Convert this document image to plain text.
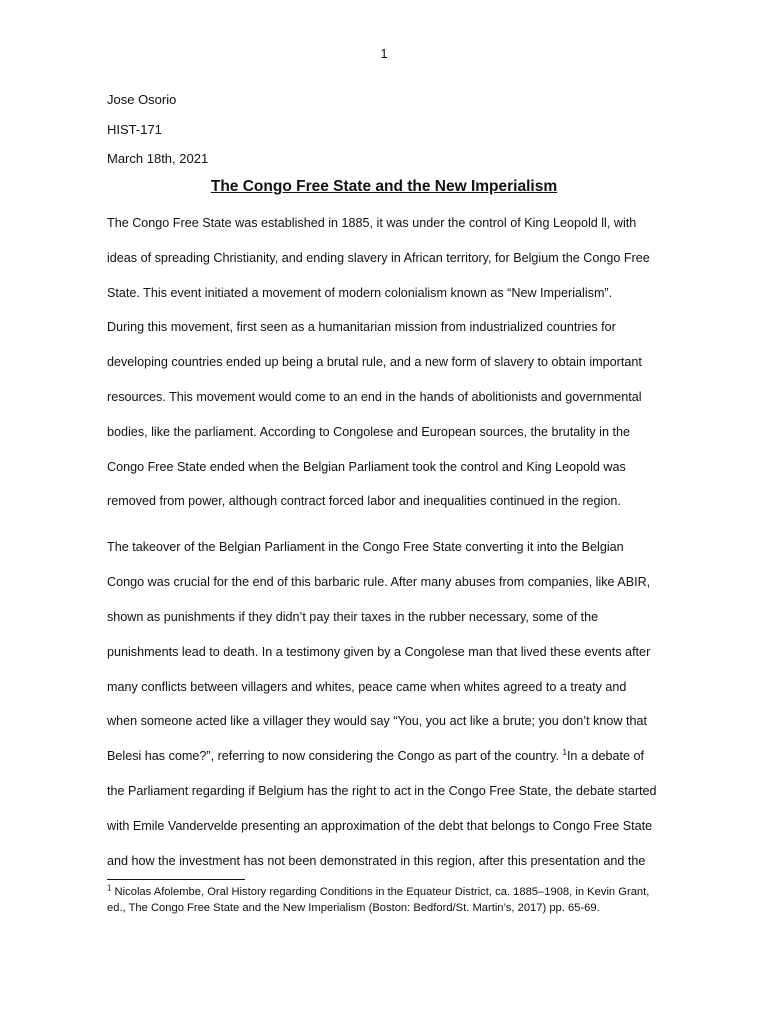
1
Jose Osorio
HIST-171
March 18th, 2021
The Congo Free State and the New Imperialism
The Congo Free State was established in 1885, it was under the control of King Leopold ll, with
ideas of spreading Christianity, and ending slavery in African territory, for Belgium the Congo Free
State. This event initiated a movement of modern colonialism known as “New Imperialism”.
During this movement, first seen as a humanitarian mission from industrialized countries for
developing countries ended up being a brutal rule, and a new form of slavery to obtain important
resources. This movement would come to an end in the hands of abolitionists and governmental
bodies, like the parliament. According to Congolese and European sources, the brutality in the
Congo Free State ended when the Belgian Parliament took the control and King Leopold was
removed from power, although contract forced labor and inequalities continued in the region.
The takeover of the Belgian Parliament in the Congo Free State converting it into the Belgian
Congo was crucial for the end of this barbaric rule. After many abuses from companies, like ABIR,
shown as punishments if they didn’t pay their taxes in the rubber necessary, some of the
punishments lead to death. In a testimony given by a Congolese man that lived these events after
many conflicts between villagers and whites, peace came when whites agreed to a treaty and
when someone acted like a villager they would say “You, you act like a brute; you don’t know that
Belesi has come?”, referring to now considering the Congo as part of the country. $^1$In a debate of
the Parliament regarding if Belgium has the right to act in the Congo Free State, the debate started
with Emile Vandervelde presenting an approximation of the debt that belongs to Congo Free State
and how the investment has not been demonstrated in this region, after this presentation and the
$^1$ Nicolas Afolembe, Oral History regarding Conditions in the Equateur District, ca. 1885–1908, in Kevin Grant,
ed., The Congo Free State and the New Imperialism (Boston: Bedford/St. Martin’s, 2017) pp. 65-69.
